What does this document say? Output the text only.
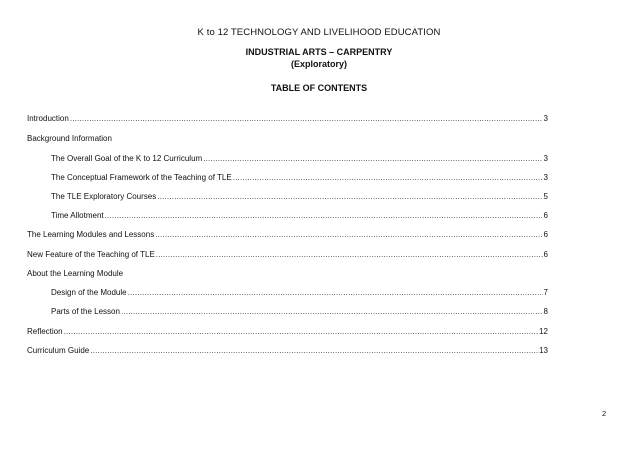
K to 12 TECHNOLOGY AND LIVELIHOOD EDUCATION
INDUSTRIAL ARTS – CARPENTRY
(Exploratory)
TABLE OF CONTENTS
Introduction .....	3
Background Information
The Overall Goal of the K to 12 Curriculum .....	3
The Conceptual Framework of the Teaching of TLE .....	3
The TLE Exploratory Courses .....	5
Time Allotment .....	6
The Learning Modules and Lessons .....	6
New Feature of the Teaching of TLE .....	6
About the Learning Module
Design of the Module .....	7
Parts of the Lesson .....	8
Reflection .....	12
Curriculum Guide .....	13
2
